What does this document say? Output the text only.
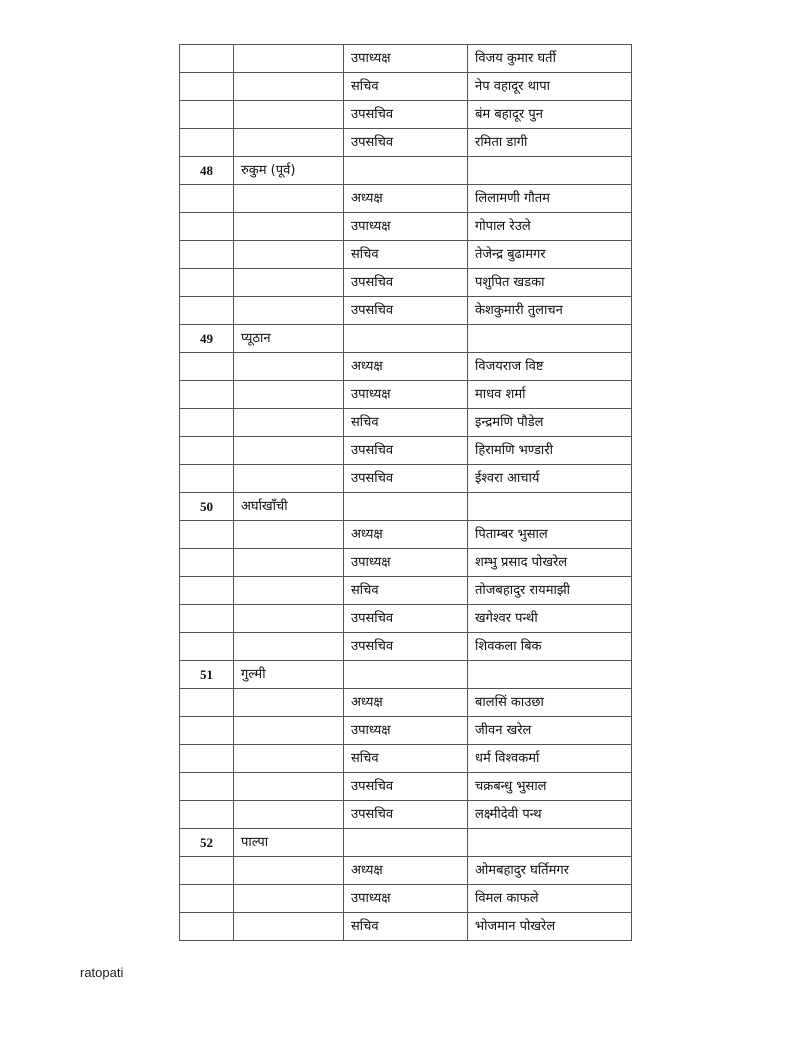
		उपाध्यक्ष	विजय कुमार घर्ती
		सचिव	नेप वहादूर थापा
		उपसचिव	बंम बहादूर पुन
		उपसचिव	रमिता डागी
48	रुकुम (पूर्व)		
		अध्यक्ष	लिलामणी गौतम
		उपाध्यक्ष	गोपाल रेउले
		सचिव	तेजेन्द्र बुढामगर
		उपसचिव	पशुपित खडका
		उपसचिव	केशकुमारी तुलाचन
49	प्यूठान		
		अध्यक्ष	विजयराज विष्ट
		उपाध्यक्ष	माधव शर्मा
		सचिव	इन्द्रमणि पौडेल
		उपसचिव	हिरामणि भण्डारी
		उपसचिव	ईश्वरा आचार्य
50	अर्घाखाँची		
		अध्यक्ष	पिताम्बर भुसाल
		उपाध्यक्ष	शम्भु प्रसाद पोखरेल
		सचिव	तोजबहादुर रायमाझी
		उपसचिव	खगेश्वर पन्थी
		उपसचिव	शिवकला बिक
51	गुल्मी		
		अध्यक्ष	बालसिं काउछा
		उपाध्यक्ष	जीवन खरेल
		सचिव	धर्म विश्वकर्मा
		उपसचिव	चक्रबन्धु भुसाल
		उपसचिव	लक्ष्मीदेवी पन्थ
52	पाल्पा		
		अध्यक्ष	ओमबहादुर घर्तिमगर
		उपाध्यक्ष	विमल काफले
		सचिव	भोजमान पोखरेल
ratopati
